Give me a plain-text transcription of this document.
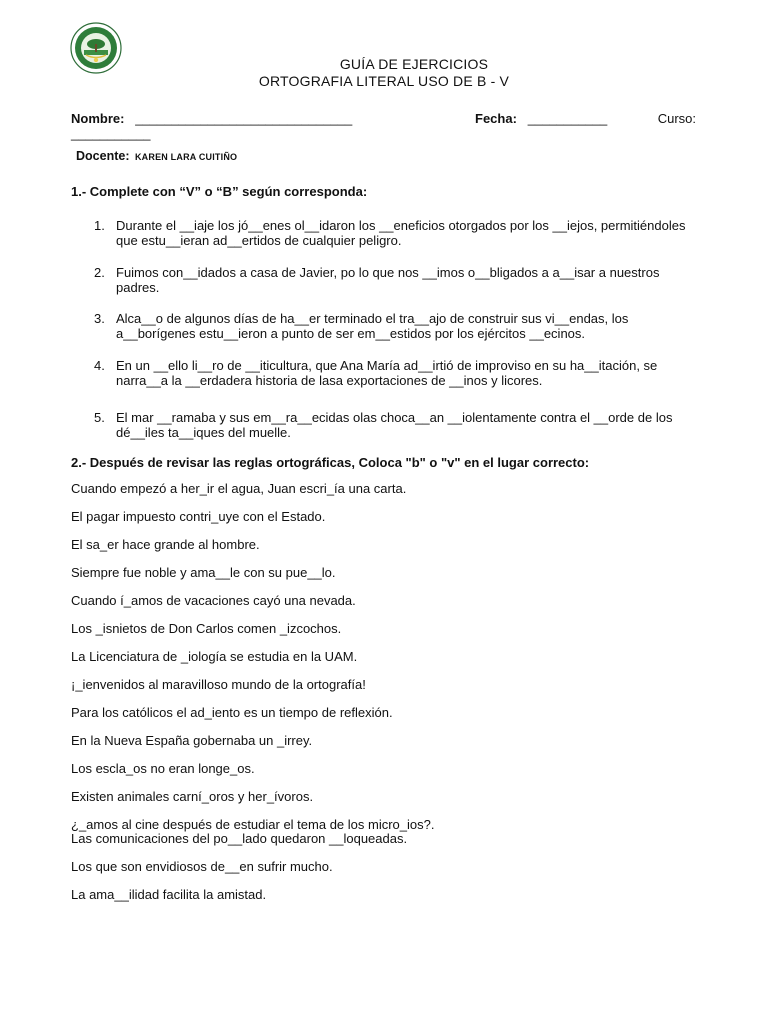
GUÍA DE EJERCICIOS
ORTOGRAFIA LITERAL USO DE B - V
Nombre: ______________________________	Fecha: ___________	Curso:
___________
Docente: KAREN LARA CUITIÑO
1.- Complete con “V” o “B” según corresponda:
1. Durante el __iaje los jó__enes ol__idaron los __eneficios otorgados por los __iejos, permitiéndoles que estu__ieran ad__ertidos de cualquier peligro.
2. Fuimos con__idados a casa de Javier, po lo que nos __imos o__bligados a a__isar a nuestros padres.
3. Alca__o de algunos días de ha__er terminado el tra__ajo de construir sus vi__endas, los a__borígenes estu__ieron a punto de ser em__estidos por los ejércitos __ecinos.
4. En un __ello li__ro de __iticultura, que Ana María ad__irtió de improviso en su ha__itación, se narra__a la __erdadera historia de lasa exportaciones de __inos y licores.
5. El mar __ramaba y sus em__ra__ecidas olas choca__an __iolentamente contra el __orde de los dé__iles ta__iques del muelle.
2.- Después de revisar las reglas ortográficas, Coloca "b" o "v" en el lugar correcto:
Cuando empezó a her_ir el agua, Juan escri_ía una carta.
El pagar impuesto contri_uye con el Estado.
El sa_er hace grande al hombre.
Siempre fue noble y ama__le con su pue__lo.
Cuando í_amos de vacaciones cayó una nevada.
Los _isnietos de Don Carlos comen _izcochos.
La Licenciatura de _iología se estudia en la UAM.
¡_ienvenidos al maravilloso mundo de la ortografía!
Para los católicos el ad_iento es un tiempo de reflexión.
En la Nueva España gobernaba un _irrey.
Los escla_os no eran longe_os.
Existen animales carní_oros y her_ívoros.
¿_amos al cine después de estudiar el tema de los micro_ios?.
Las comunicaciones del po__lado quedaron __loqueadas.
Los que son envidiosos de__en sufrir mucho.
La ama__ilidad facilita la amistad.
